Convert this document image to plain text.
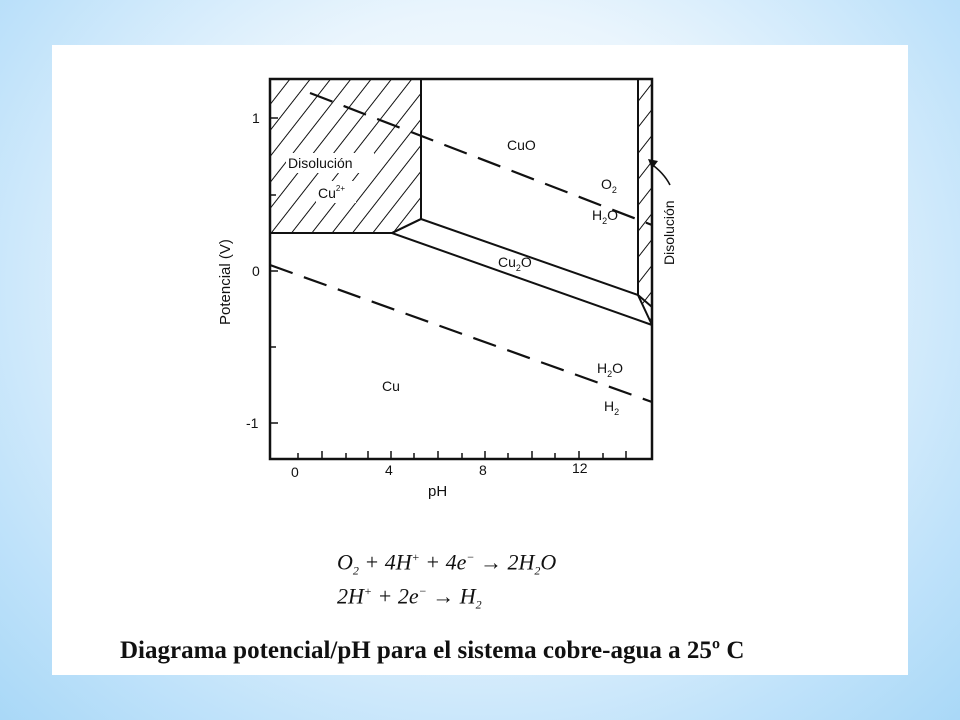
1
0
-1
0	4	8	12
pH
Potencial (V)
Disolución
$Cu^{2+}$
CuO
$Cu_2O$
Cu
$O_2$
$H_2O$
$H_2O$
$H_2$
Disolución
$O_2 + 4H^+ + 4e^- \to 2H_2O$
$2H^+ + 2e^- \to H_2$
Diagrama potencial/pH para el sistema cobre-agua a 25º C
